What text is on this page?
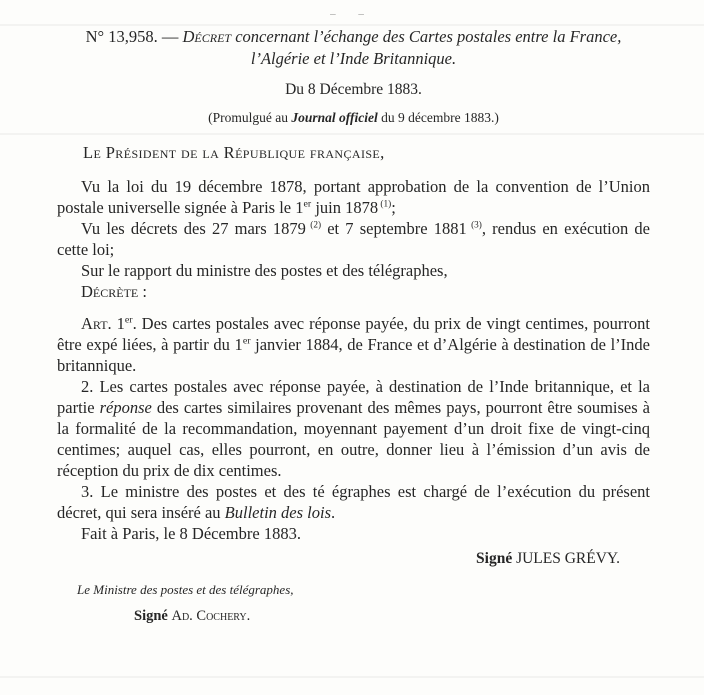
– –
N° 13,958. — Décret concernant l’échange des Cartes postales entre la France,
l’Algérie et l’Inde Britannique.
Du 8 Décembre 1883.
(Promulgué au Journal officiel du 9 décembre 1883.)

Le Président de la République française,

Vu la loi du 19 décembre 1878, portant approbation de la convention de l’Union postale universelle signée à Paris le 1er juin 1878 $^{(1)}$;

Vu les décrets des 27 mars 1879 $^{(2)}$ et 7 septembre 1881 $^{(3)}$, rendus en exécution de cette loi;

Sur le rapport du ministre des postes et des télégraphes,

Décrète :

Art. 1er. Des cartes postales avec réponse payée, du prix de vingt centimes, pourront être expé liées, à partir du 1er janvier 1884, de France et d’Algérie à destination de l’Inde britannique.

2. Les cartes postales avec réponse payée, à destination de l’Inde britannique, et la partie réponse des cartes similaires provenant des mêmes pays, pourront être soumises à la formalité de la recommandation, moyennant payement d’un droit fixe de vingt-cinq centimes; auquel cas, elles pourront, en outre, donner lieu à l’émission d’un avis de réception du prix de dix centimes.

3. Le ministre des postes et des té égraphes est chargé de l’exécution du présent décret, qui sera inséré au Bulletin des lois.

Fait à Paris, le 8 Décembre 1883.

Signé JULES GRÉVY.

Le Ministre des postes et des télégraphes,

Signé Ad. Cochery.
